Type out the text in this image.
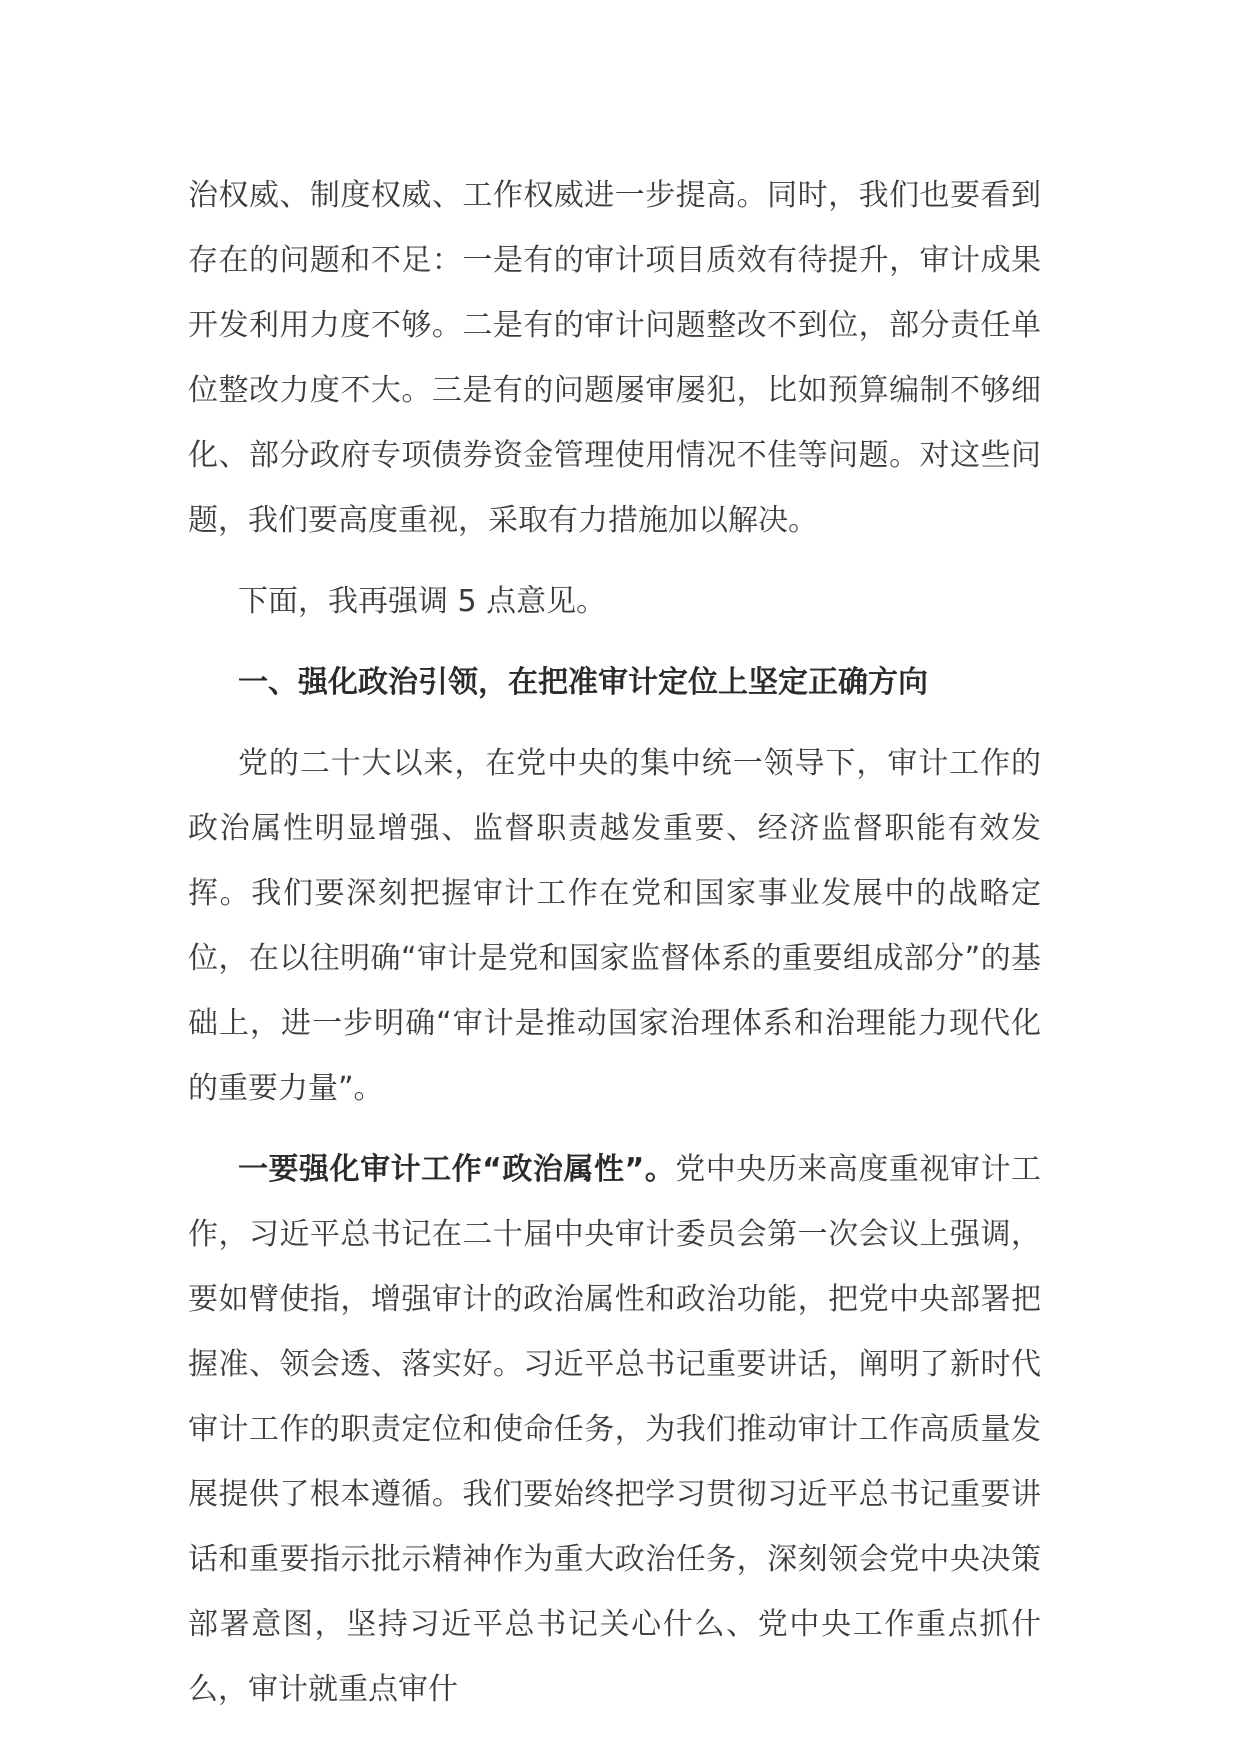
治权威、制度权威、工作权威进一步提高。同时，我们也要看到存在的问题和不足：一是有的审计项目质效有待提升，审计成果开发利用力度不够。二是有的审计问题整改不到位，部分责任单位整改力度不大。三是有的问题屡审屡犯，比如预算编制不够细化、部分政府专项债券资金管理使用情况不佳等问题。对这些问题，我们要高度重视，采取有力措施加以解决。

下面，我再强调 5 点意见。

一、强化政治引领，在把准审计定位上坚定正确方向

党的二十大以来，在党中央的集中统一领导下，审计工作的政治属性明显增强、监督职责越发重要、经济监督职能有效发挥。我们要深刻把握审计工作在党和国家事业发展中的战略定位，在以往明确“审计是党和国家监督体系的重要组成部分”的基础上，进一步明确“审计是推动国家治理体系和治理能力现代化的重要力量”。

一要强化审计工作“政治属性”。党中央历来高度重视审计工作，习近平总书记在二十届中央审计委员会第一次会议上强调，要如臂使指，增强审计的政治属性和政治功能，把党中央部署把握准、领会透、落实好。习近平总书记重要讲话，阐明了新时代审计工作的职责定位和使命任务，为我们推动审计工作高质量发展提供了根本遵循。我们要始终把学习贯彻习近平总书记重要讲话和重要指示批示精神作为重大政治任务，深刻领会党中央决策部署意图，坚持习近平总书记关心什么、党中央工作重点抓什么，审计就重点审什
